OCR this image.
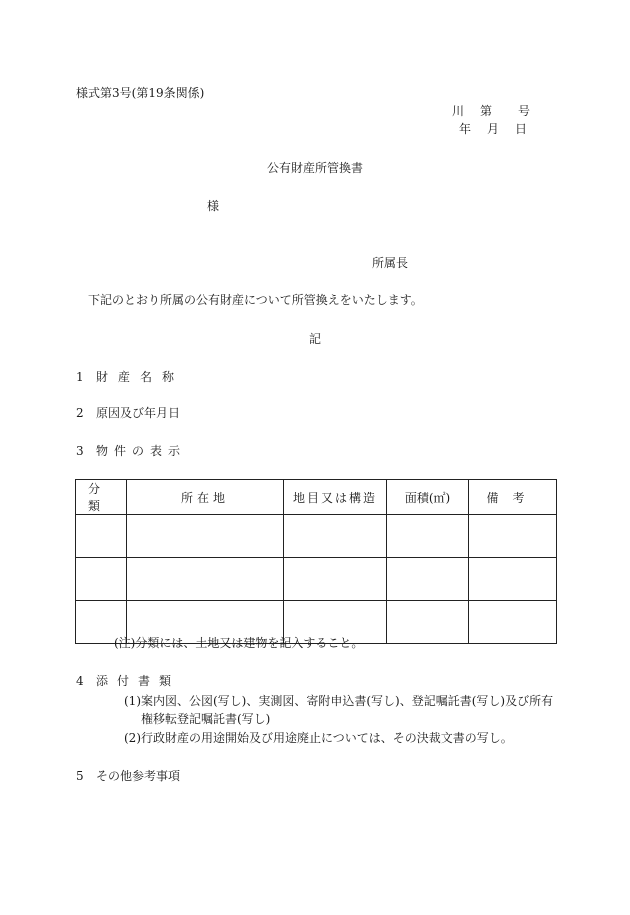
様式第3号(第19条関係)
川 第 号
年 月 日
公有財産所管換書
様
所属長
下記のとおり所属の公有財産について所管換えをいたします。
記
1 財産名称
2 原因及び年月日
3 物件の表示
分類	所在地	地目又は構造	面積(㎡)	備考

(注)分類には、土地又は建物を記入すること。
4 添付書類
(1)案内図、公図(写し)、実測図、寄附申込書(写し)、登記嘱託書(写し)及び所有
権移転登記嘱託書(写し)
(2)行政財産の用途開始及び用途廃止については、その決裁文書の写し。
5 その他参考事項
